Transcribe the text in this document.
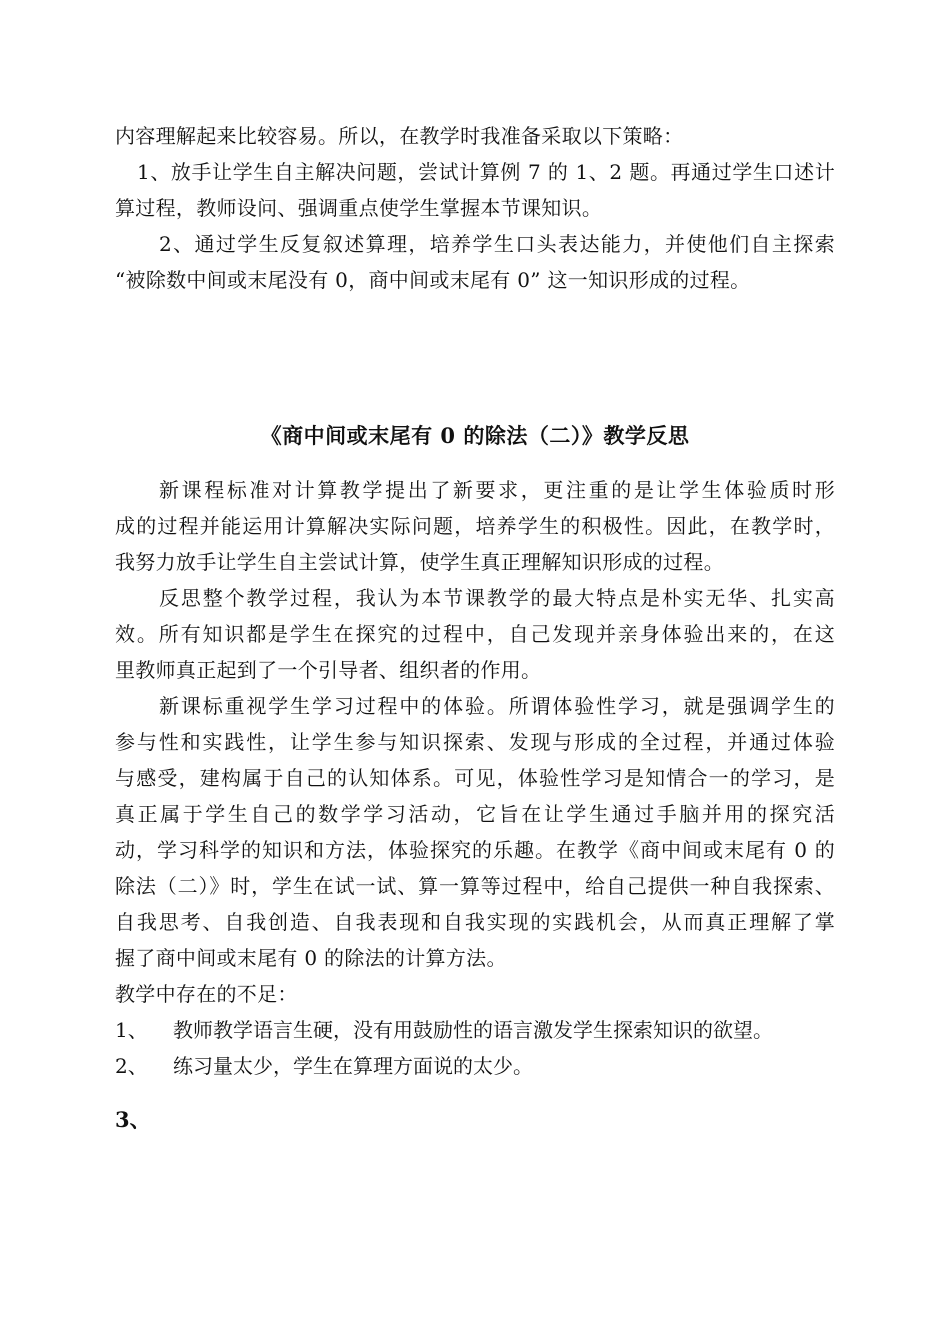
内容理解起来比较容易。所以，在教学时我准备采取以下策略：
1、放手让学生自主解决问题，尝试计算例 7 的 1、2 题。再通过学生口述计
算过程，教师设问、强调重点使学生掌握本节课知识。
2、通过学生反复叙述算理，培养学生口头表达能力，并使他们自主探索
“被除数中间或末尾没有 0，商中间或末尾有 0” 这一知识形成的过程。
《商中间或末尾有 0 的除法（二）》教学反思
新课程标准对计算教学提出了新要求，更注重的是让学生体验质时形
成的过程并能运用计算解决实际问题，培养学生的积极性。因此，在教学时，
我努力放手让学生自主尝试计算，使学生真正理解知识形成的过程。
反思整个教学过程，我认为本节课教学的最大特点是朴实无华、扎实高
效。所有知识都是学生在探究的过程中，自己发现并亲身体验出来的，在这
里教师真正起到了一个引导者、组织者的作用。
新课标重视学生学习过程中的体验。所谓体验性学习，就是强调学生的
参与性和实践性，让学生参与知识探索、发现与形成的全过程，并通过体验
与感受，建构属于自己的认知体系。可见，体验性学习是知情合一的学习，是
真正属于学生自己的数学学习活动，它旨在让学生通过手脑并用的探究活
动，学习科学的知识和方法，体验探究的乐趣。在教学《商中间或末尾有 0 的
除法（二）》时，学生在试一试、算一算等过程中，给自己提供一种自我探索、
自我思考、自我创造、自我表现和自我实现的实践机会，从而真正理解了掌
握了商中间或末尾有 0 的除法的计算方法。
教学中存在的不足：
1、 教师教学语言生硬，没有用鼓励性的语言激发学生探索知识的欲望。
2、 练习量太少，学生在算理方面说的太少。
3、
